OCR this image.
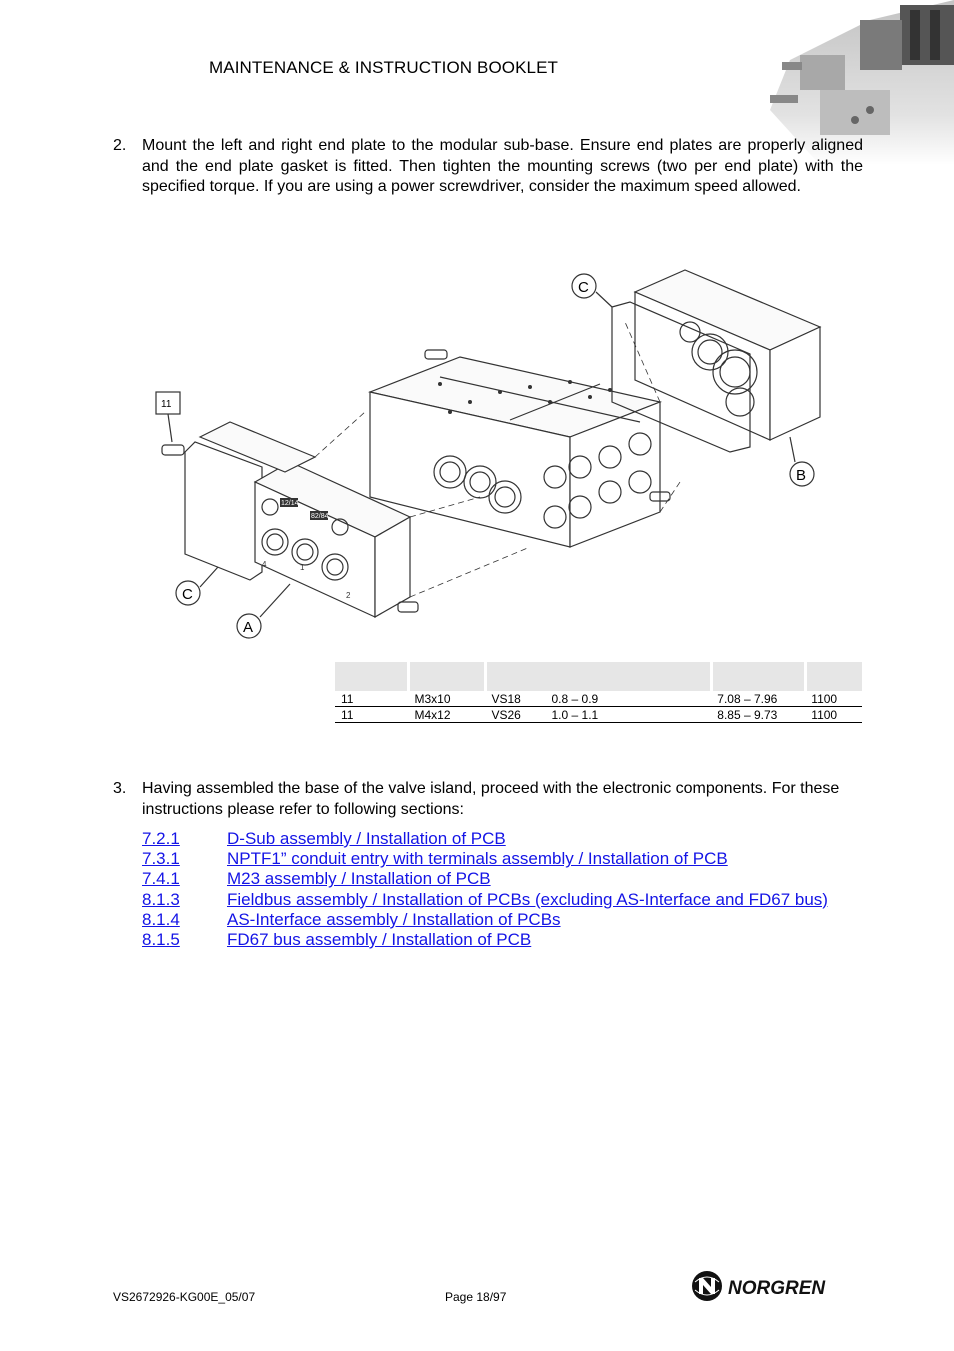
MAINTENANCE & INSTRUCTION BOOKLET
2. Mount the left and right end plate to the modular sub-base. Ensure end plates are properly aligned and the end plate gasket is fitted. Then tighten the mounting screws (two per end plate) with the specified torque. If you are using a power screwdriver, consider the maximum speed allowed.
12/14
82/84
4	1
2
11
C
B
C
A

11	M3x10	VS18	0.8 – 0.9	7.08 – 7.96	1100
11	M4x12	VS26	1.0 – 1.1	8.85 – 9.73	1100
3. Having assembled the base of the valve island, proceed with the electronic components. For these instructions please refer to following sections:
7.2.1	D-Sub assembly / Installation of PCB
7.3.1	NPTF1” conduit entry with terminals assembly / Installation of PCB
7.4.1	M23 assembly / Installation of PCB
8.1.3	Fieldbus assembly / Installation of PCBs (excluding AS-Interface and FD67 bus)
8.1.4	AS-Interface assembly / Installation of PCBs
8.1.5	FD67 bus assembly / Installation of PCB
VS2672926-KG00E_05/07	Page 18/97	NORGREN
